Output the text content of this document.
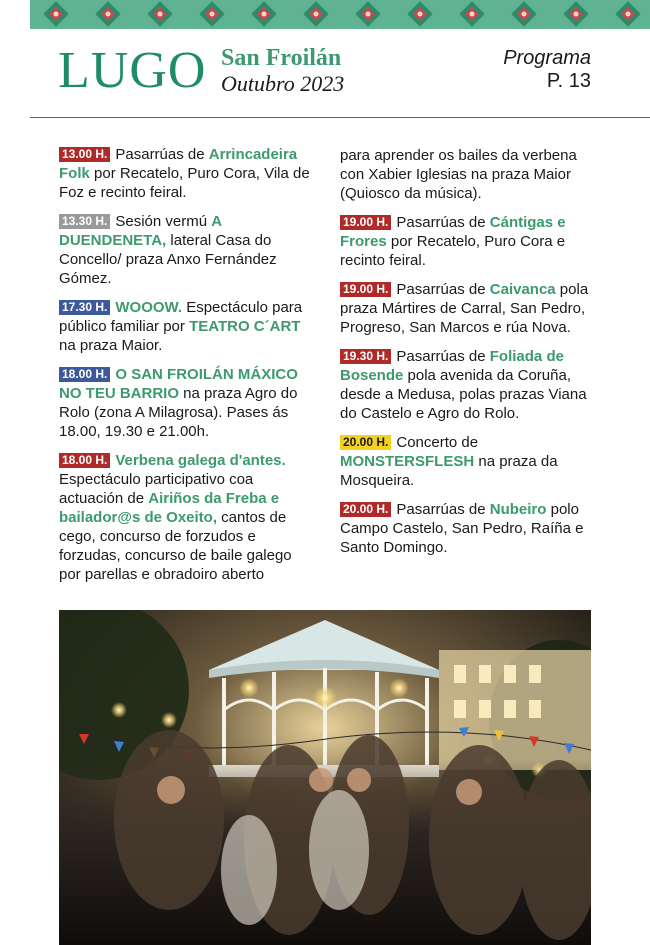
LUGO San Froilán
Outubro 2023
Programa
P. 13

13.00 H. Pasarrúas de Arrincadeira Folk por Recatelo, Puro Cora, Vila de Foz e recinto feiral.

13.30 H. Sesión vermú A DUENDENETA, lateral Casa do Concello/ praza Anxo Fernández Gómez.

17.30 H. WOOOW. Espectáculo para público familiar por TEATRO C´ART na praza Maior.

18.00 H. O SAN FROILÁN MÁXICO NO TEU BARRIO na praza Agro do Rolo (zona A Milagrosa). Pases ás 18.00, 19.30 e 21.00h.

18.00 H. Verbena galega d'antes. Espectáculo participativo coa actuación de Airiños da Freba e bailador@s de Oxeito, cantos de cego, concurso de forzudos e forzudas, concurso de baile galego por parellas e obradoiro aberto

para aprender os bailes da verbena con Xabier Iglesias na praza Maior (Quiosco da música).

19.00 H. Pasarrúas de Cántigas e Frores por Recatelo, Puro Cora e recinto feiral.

19.00 H. Pasarrúas de Caivanca pola praza Mártires de Carral, San Pedro, Progreso, San Marcos e rúa Nova.

19.30 H. Pasarrúas de Foliada de Bosende pola avenida da Coruña, desde a Medusa, polas prazas Viana do Castelo e Agro do Rolo.

20.00 H. Concerto de MONSTERSFLESH na praza da Mosqueira.

20.00 H. Pasarrúas de Nubeiro polo Campo Castelo, San Pedro, Raíña e Santo Domingo.
